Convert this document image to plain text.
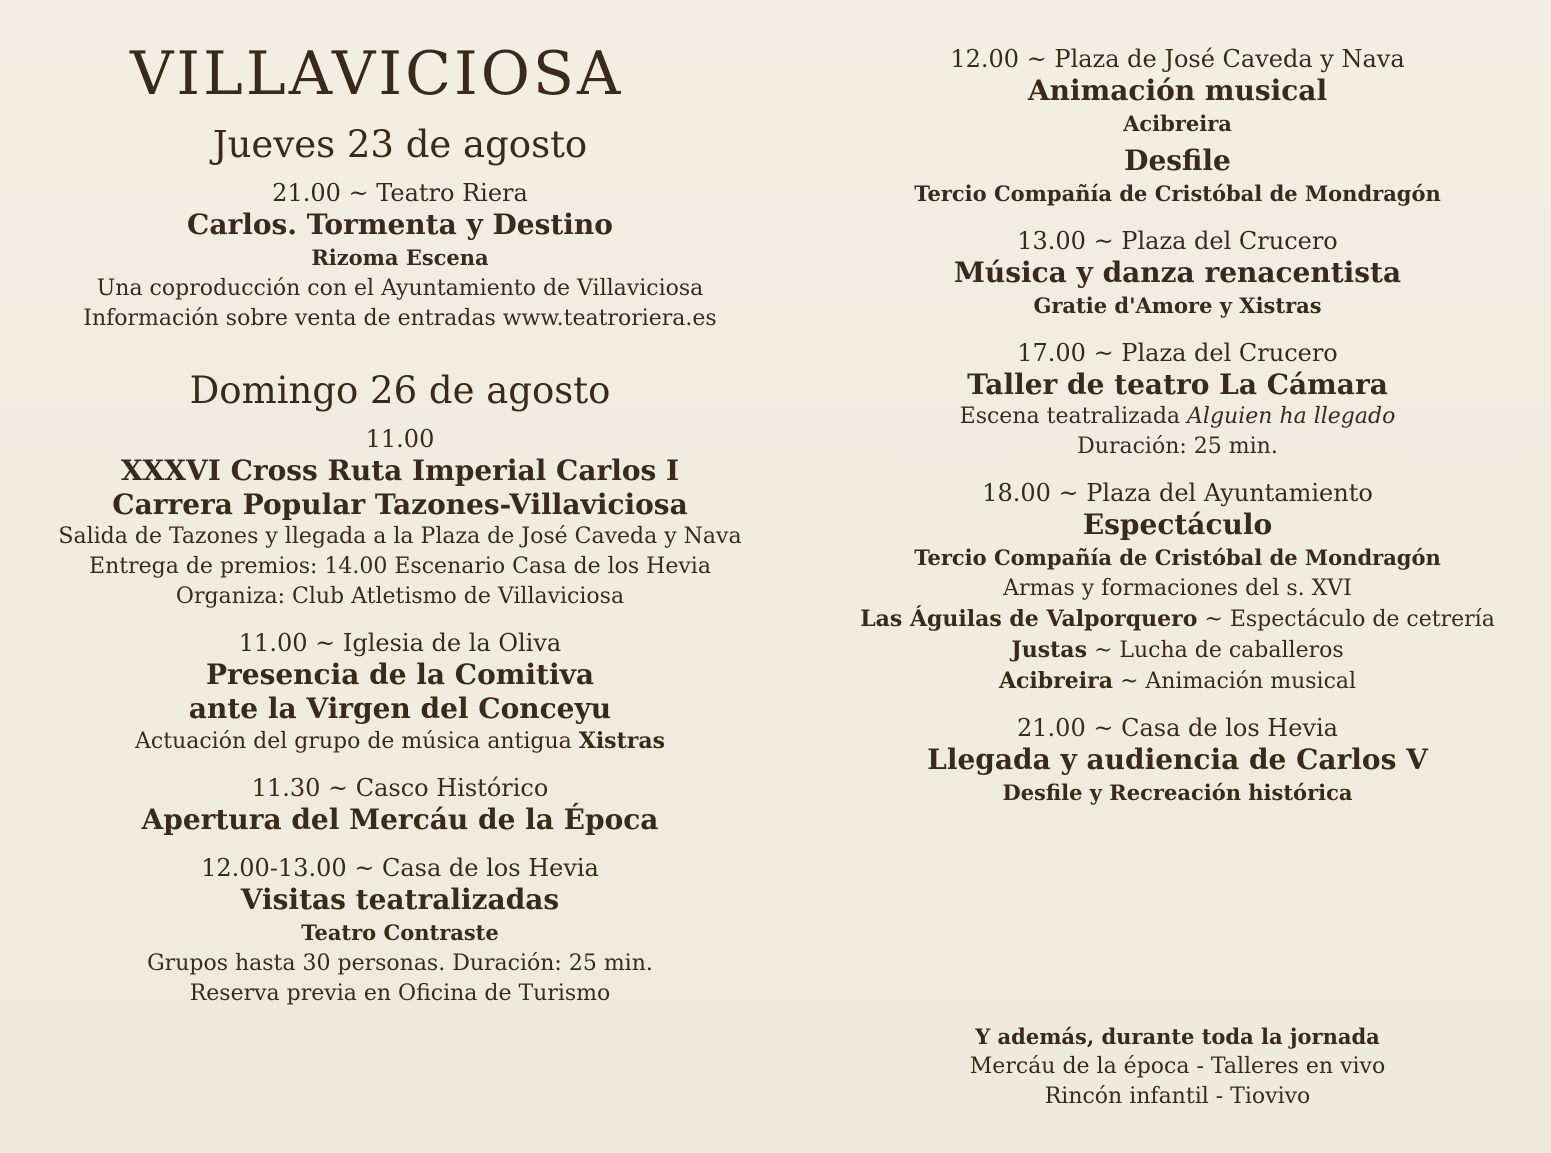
VILLAVICIOSA
Jueves 23 de agosto
21.00 ~ Teatro Riera
Carlos. Tormenta y Destino
Rizoma Escena
Una coproducción con el Ayuntamiento de Villaviciosa
Información sobre venta de entradas www.teatroriera.es
Domingo 26 de agosto
11.00
XXXVI Cross Ruta Imperial Carlos I
Carrera Popular Tazones-Villaviciosa
Salida de Tazones y llegada a la Plaza de José Caveda y Nava
Entrega de premios: 14.00 Escenario Casa de los Hevia
Organiza: Club Atletismo de Villaviciosa
11.00 ~ Iglesia de la Oliva
Presencia de la Comitiva
ante la Virgen del Conceyu
Actuación del grupo de música antigua Xistras
11.30 ~ Casco Histórico
Apertura del Mercáu de la Época
12.00-13.00 ~ Casa de los Hevia
Visitas teatralizadas
Teatro Contraste
Grupos hasta 30 personas. Duración: 25 min.
Reserva previa en Oficina de Turismo
12.00 ~ Plaza de José Caveda y Nava
Animación musical
Acibreira
Desfile
Tercio Compañía de Cristóbal de Mondragón
13.00 ~ Plaza del Crucero
Música y danza renacentista
Gratie d'Amore y Xistras
17.00 ~ Plaza del Crucero
Taller de teatro La Cámara
Escena teatralizada Alguien ha llegado
Duración: 25 min.
18.00 ~ Plaza del Ayuntamiento
Espectáculo
Tercio Compañía de Cristóbal de Mondragón
Armas y formaciones del s. XVI
Las Águilas de Valporquero ~ Espectáculo de cetrería
Justas ~ Lucha de caballeros
Acibreira ~ Animación musical
21.00 ~ Casa de los Hevia
Llegada y audiencia de Carlos V
Desfile y Recreación histórica
Y además, durante toda la jornada
Mercáu de la época - Talleres en vivo
Rincón infantil - Tiovivo
